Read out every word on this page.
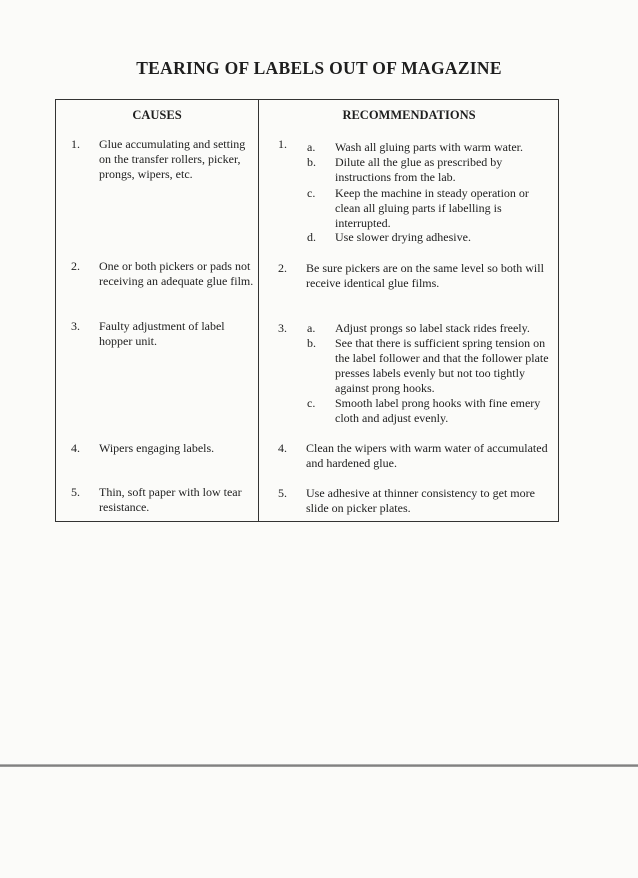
TEARING OF LABELS OUT OF MAGAZINE
CAUSES	RECOMMENDATIONS
1. Glue accumulating and setting on the transfer rollers, picker, prongs, wipers, etc.
1. a. Wash all gluing parts with warm water.
b. Dilute all the glue as prescribed by instructions from the lab.
c. Keep the machine in steady operation or clean all gluing parts if labelling is interrupted.
d. Use slower drying adhesive.
2. One or both pickers or pads not receiving an adequate glue film.
2. Be sure pickers are on the same level so both will receive identical glue films.
3. Faulty adjustment of label hopper unit.
3. a. Adjust prongs so label stack rides freely.
b. See that there is sufficient spring tension on the label follower and that the follower plate presses labels evenly but not too tightly against prong hooks.
c. Smooth label prong hooks with fine emery cloth and adjust evenly.
4. Wipers engaging labels.	4. Clean the wipers with warm water of accumulated and hardened glue.
5. Thin, soft paper with low tear resistance.
5. Use adhesive at thinner consistency to get more slide on picker plates.
